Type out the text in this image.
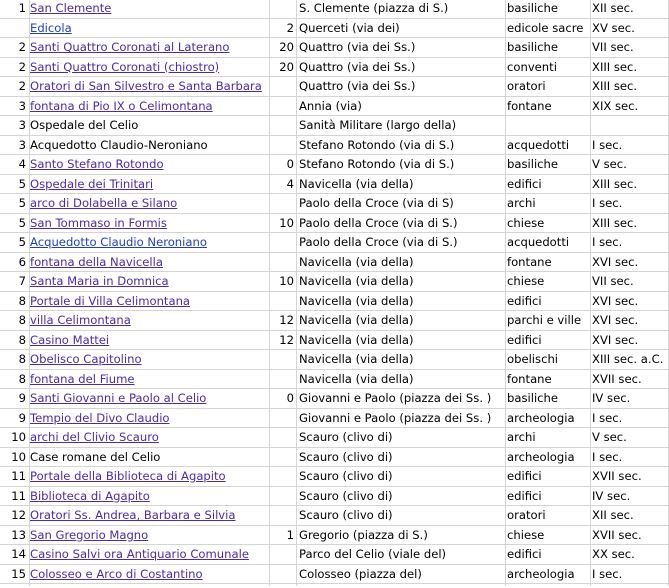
1 San Clemente	S. Clemente (piazza di S.)	basiliche	XII sec.
Edicola	2 Querceti (via dei)	edicole sacre XV sec.
2 Santi Quattro Coronati al Laterano	20 Quattro (via dei Ss.)	basiliche	VII sec.
2 Santi Quattro Coronati (chiostro)	20 Quattro (via dei Ss.)	conventi	XIII sec.
2 Oratori di San Silvestro e Santa Barbara	Quattro (via dei Ss.)	oratori	XIII sec.
3 fontana di Pio IX o Celimontana	Annia (via)	fontane	XIX sec.
3 Ospedale del Celio	Sanità Militare (largo della)
3 Acquedotto Claudio-Neroniano	Stefano Rotondo (via di S.)	acquedotti	I sec.
4 Santo Stefano Rotondo	0 Stefano Rotondo (via di S.)	basiliche	V sec.
5 Ospedale dei Trinitari	4 Navicella (via della)	edifici	XIII sec.
5 arco di Dolabella e Silano	Paolo della Croce (via di S)	archi	I sec.
5 San Tommaso in Formis	10 Paolo della Croce (via di S.)	chiese	XIII sec.
5 Acquedotto Claudio Neroniano	Paolo della Croce (via di S.)	acquedotti	I sec.
6 fontana della Navicella	Navicella (via della)	fontane	XVI sec.
7 Santa Maria in Domnica	10 Navicella (via della)	chiese	VII sec.
8 Portale di Villa Celimontana	Navicella (via della)	edifici	XVI sec.
8 villa Celimontana	12 Navicella (via della)	parchi e ville XVI sec.
8 Casino Mattei	12 Navicella (via della)	edifici	XVI sec.
8 Obelisco Capitolino	Navicella (via della)	obelischi	XIII sec. a.C.
8 fontana del Fiume	Navicella (via della)	fontane	XVII sec.
9 Santi Giovanni e Paolo al Celio	0 Giovanni e Paolo (piazza dei Ss. )	basiliche	IV sec.
9 Tempio del Divo Claudio	Giovanni e Paolo (piazza dei Ss. )	archeologia	I sec.
10 archi del Clivio Scauro	Scauro (clivo di)	archi	V sec.
10 Case romane del Celio	Scauro (clivo di)	archeologia	I sec.
11 Portale della Biblioteca di Agapito	Scauro (clivo di)	edifici	XVII sec.
11 Biblioteca di Agapito	Scauro (clivo di)	edifici	IV sec.
12 Oratori Ss. Andrea, Barbara e Silvia	Scauro (clivo di)	oratori	XII sec.
13 San Gregorio Magno	1 Gregorio (piazza di S.)	chiese	XVII sec.
14 Casino Salvi ora Antiquario Comunale	Parco del Celio (viale del)	edifici	XX sec.
15 Colosseo e Arco di Costantino	Colosseo (piazza del)	archeologia	I sec.
